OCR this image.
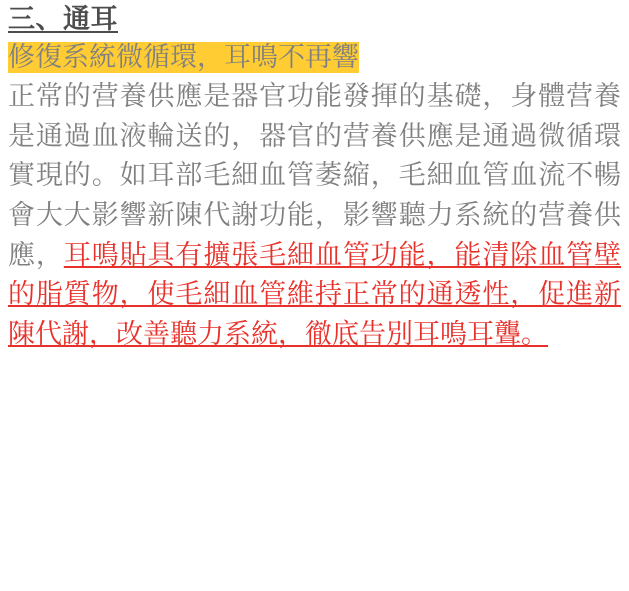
三、通耳
修復系統微循環，耳鳴不再響

正常的营養供應是器官功能發揮的基礎，身體营養是通過血液輪送的，器官的营養供應是通過微循環實現的。如耳部毛細血管萎縮，毛細血管血流不暢會大大影響新陳代謝功能，影響聽力系統的营養供應，耳鳴貼具有擴張毛細血管功能，能清除血管壁的脂質物，使毛細血管維持正常的通透性，促進新陳代謝，改善聽力系統，徹底告別耳鳴耳聾。
